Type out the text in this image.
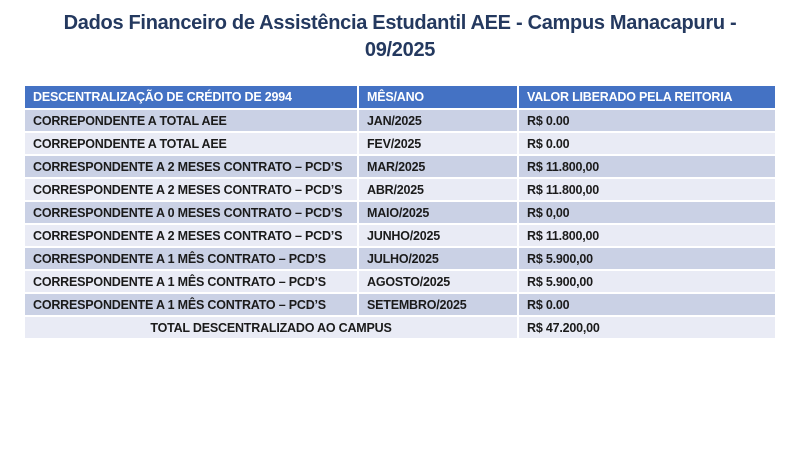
Dados Financeiro de Assistência Estudantil AEE - Campus Manacapuru - 09/2025
DESCENTRALIZAÇÃO DE CRÉDITO DE 2994	MÊS/ANO	VALOR LIBERADO PELA REITORIA
CORREPONDENTE A TOTAL AEE	JAN/2025	R$ 0.00
CORREPONDENTE A TOTAL AEE	FEV/2025	R$ 0.00
CORRESPONDENTE A 2 MESES CONTRATO – PCD’S	MAR/2025	R$ 11.800,00
CORRESPONDENTE A 2 MESES CONTRATO – PCD’S	ABR/2025	R$ 11.800,00
CORRESPONDENTE A 0 MESES CONTRATO – PCD’S	MAIO/2025	R$ 0,00
CORRESPONDENTE A 2 MESES CONTRATO – PCD’S	JUNHO/2025	R$ 11.800,00
CORRESPONDENTE A 1 MÊS CONTRATO – PCD’S	JULHO/2025	R$ 5.900,00
CORRESPONDENTE A 1 MÊS CONTRATO – PCD’S	AGOSTO/2025	R$ 5.900,00
CORRESPONDENTE A 1 MÊS CONTRATO – PCD’S	SETEMBRO/2025	R$ 0.00
TOTAL DESCENTRALIZADO AO CAMPUS		R$ 47.200,00
